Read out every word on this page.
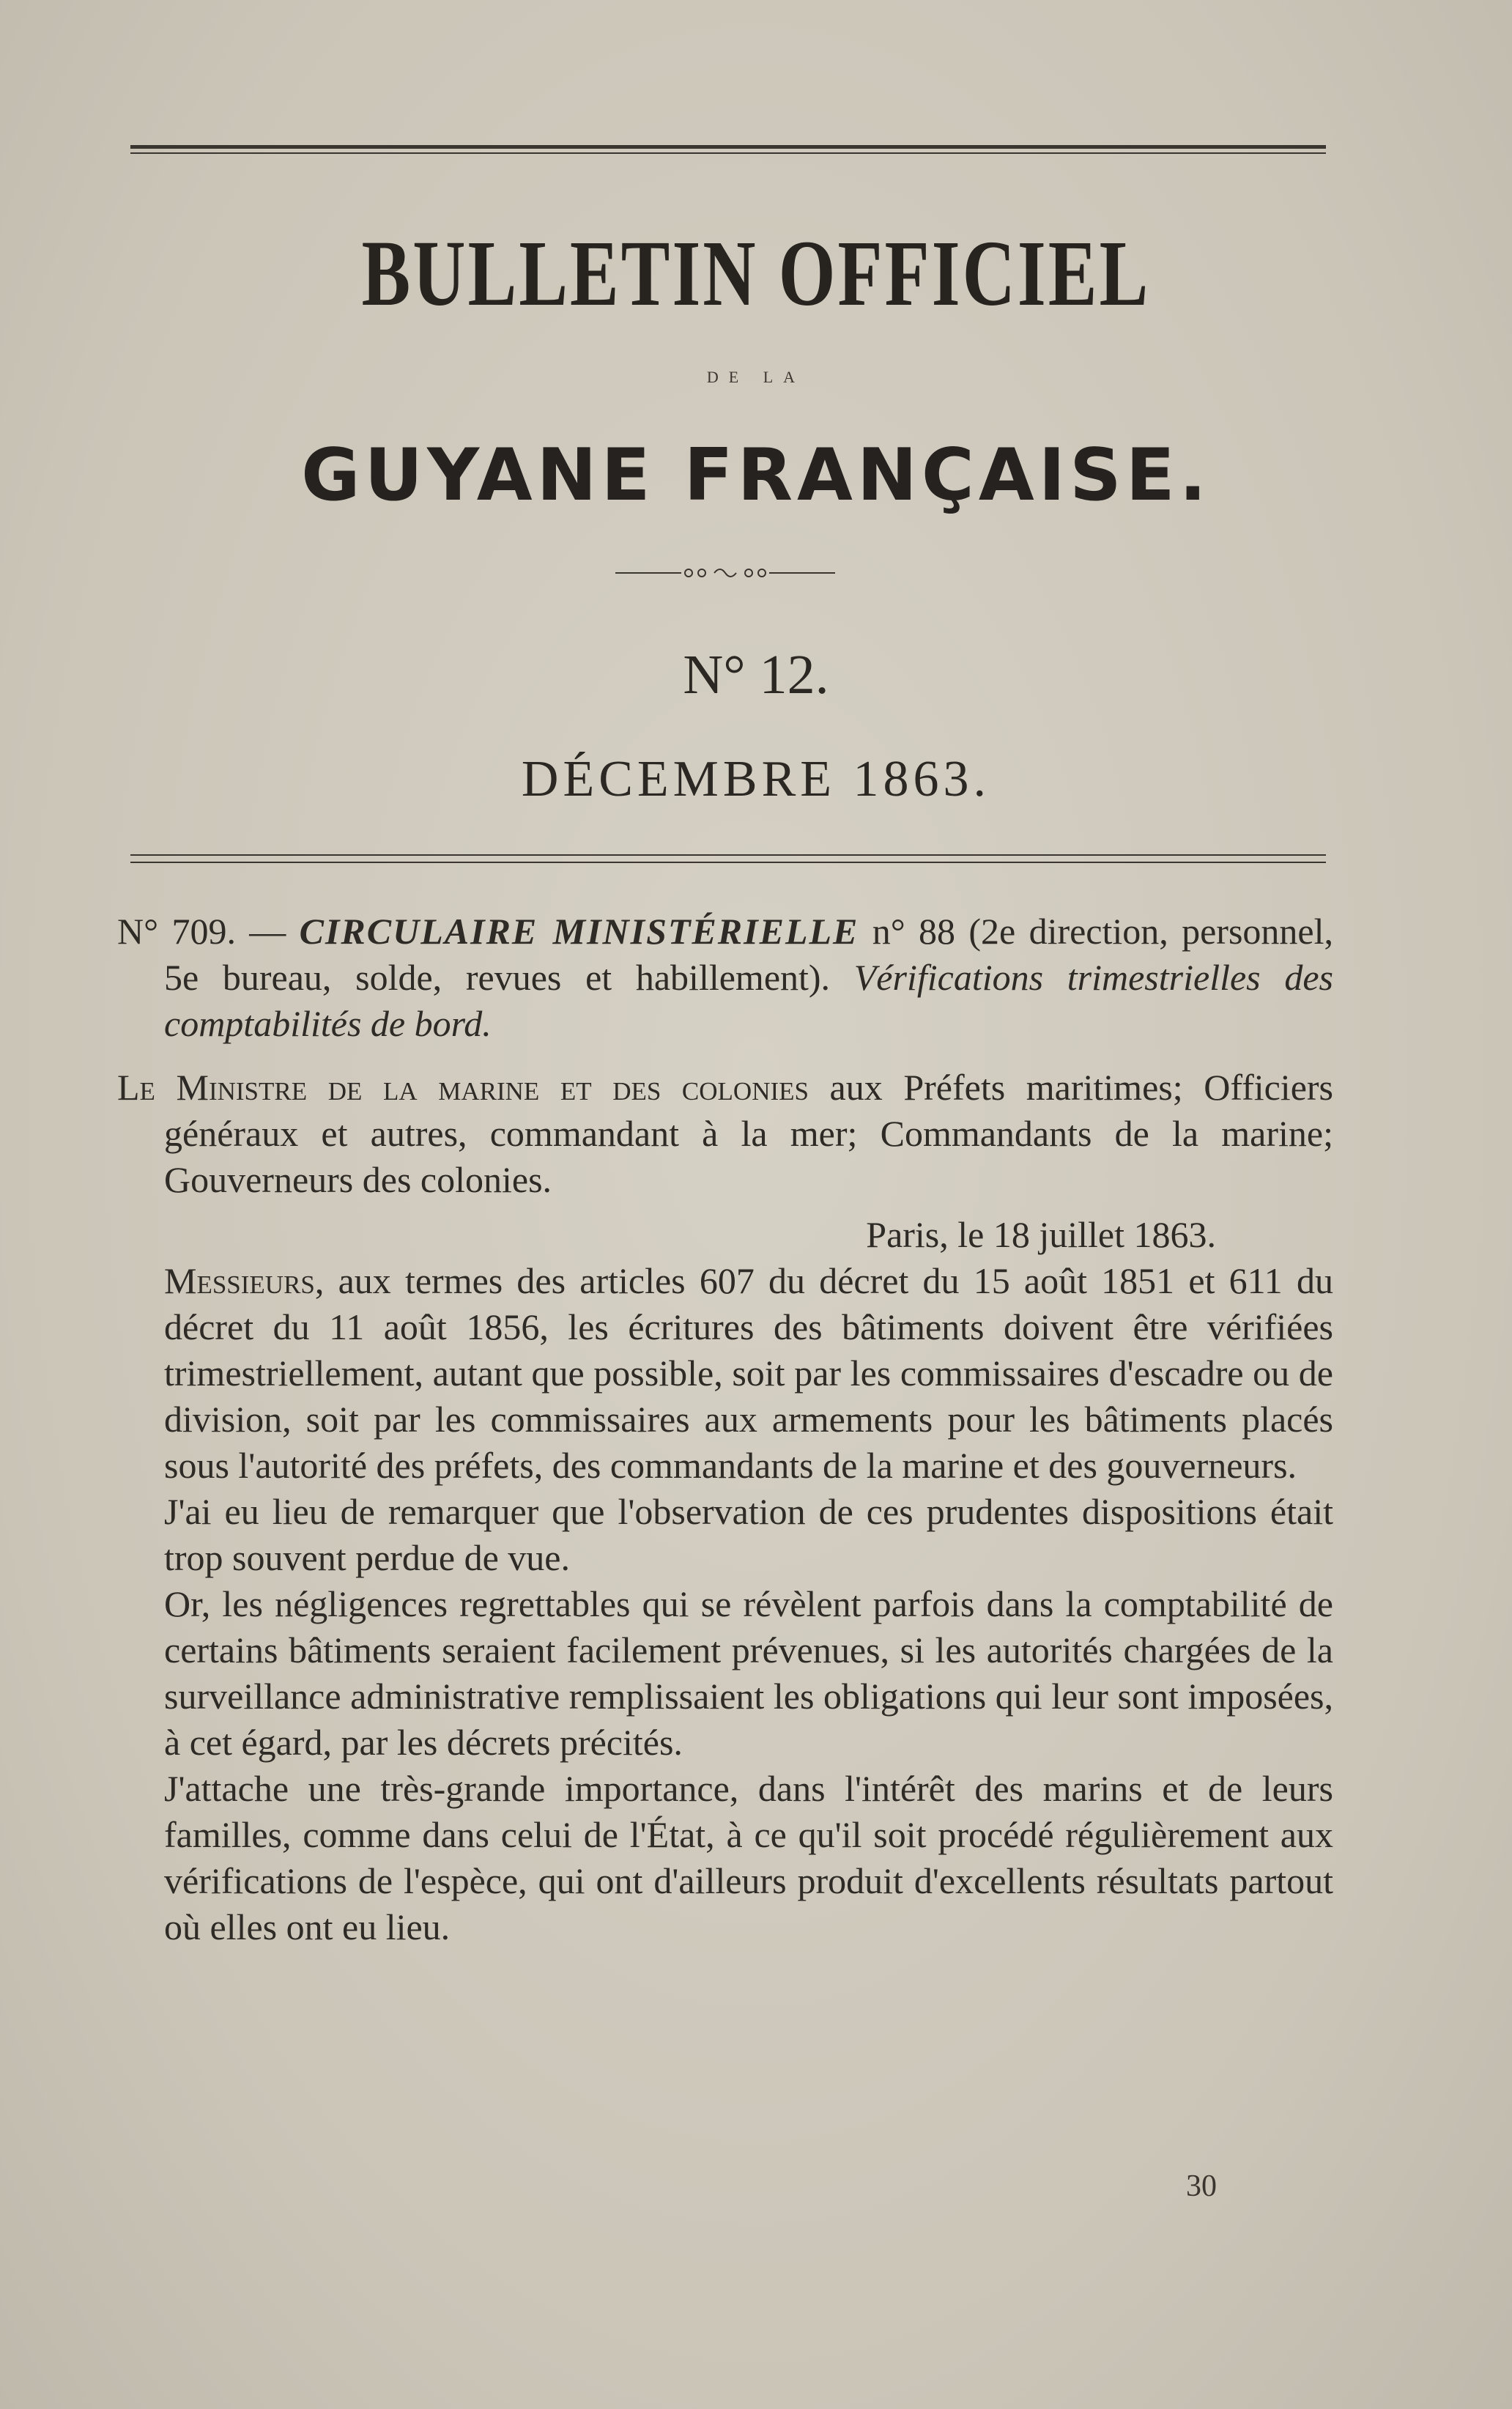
BULLETIN OFFICIEL
DE LA
GUYANE FRANÇAISE.
N° 12.
DÉCEMBRE 1863.

N° 709. — CIRCULAIRE MINISTÉRIELLE n° 88 (2e direction, personnel, 5e bureau, solde, revues et habillement). Vérifications trimestrielles des comptabilités de bord.

Le Ministre de la marine et des colonies aux Préfets maritimes; Officiers généraux et autres, commandant à la mer; Commandants de la marine; Gouverneurs des colonies.

Paris, le 18 juillet 1863.

Messieurs, aux termes des articles 607 du décret du 15 août 1851 et 611 du décret du 11 août 1856, les écritures des bâtiments doivent être vérifiées trimestriellement, autant que possible, soit par les commissaires d'escadre ou de division, soit par les commissaires aux armements pour les bâtiments placés sous l'autorité des préfets, des commandants de la marine et des gouverneurs.

J'ai eu lieu de remarquer que l'observation de ces prudentes dispositions était trop souvent perdue de vue.

Or, les négligences regrettables qui se révèlent parfois dans la comptabilité de certains bâtiments seraient facilement prévenues, si les autorités chargées de la surveillance administrative remplissaient les obligations qui leur sont imposées, à cet égard, par les décrets précités.

J'attache une très-grande importance, dans l'intérêt des marins et de leurs familles, comme dans celui de l'État, à ce qu'il soit procédé régulièrement aux vérifications de l'espèce, qui ont d'ailleurs produit d'excellents résultats partout où elles ont eu lieu.

30
